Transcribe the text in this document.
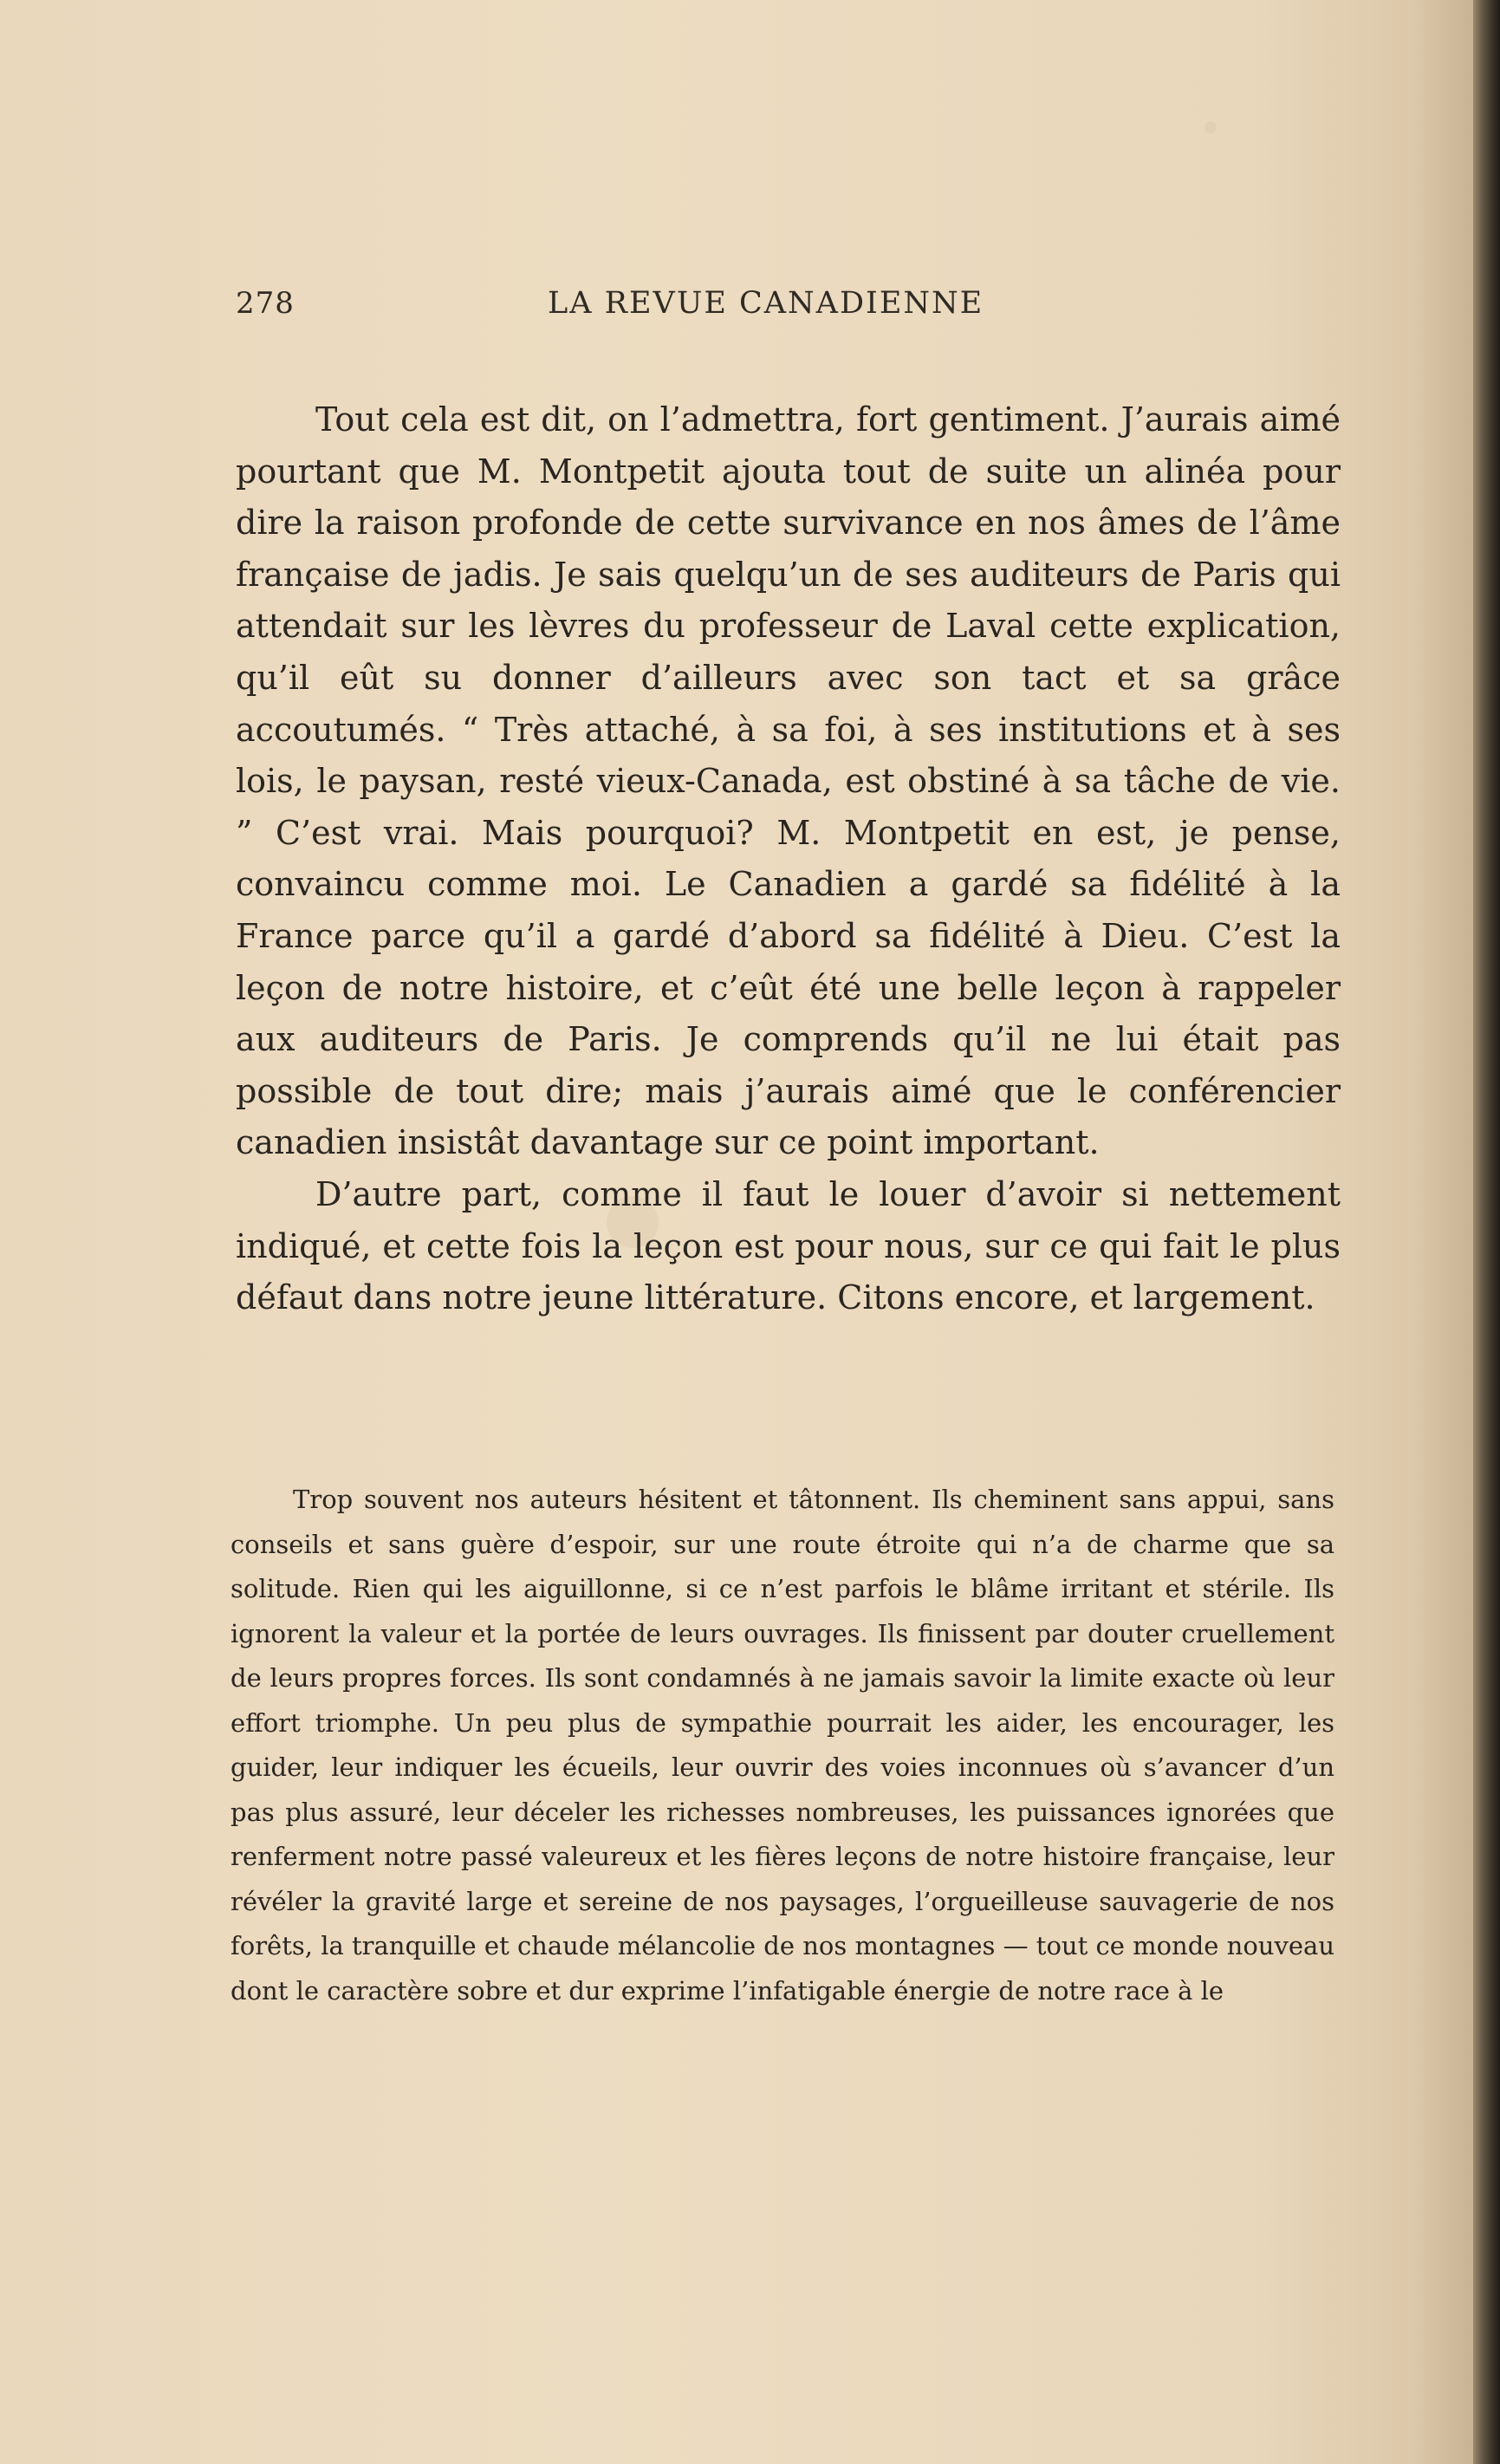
278	LA REVUE CANADIENNE

Tout cela est dit, on l’admettra, fort gentiment. J’aurais aimé pourtant que M. Montpetit ajouta tout de suite un alinéa pour dire la raison profonde de cette survivance en nos âmes de l’âme française de jadis. Je sais quelqu’un de ses auditeurs de Paris qui attendait sur les lèvres du professeur de Laval cette explication, qu’il eût su donner d’ailleurs avec son tact et sa grâce accoutumés. “ Très attaché, à sa foi, à ses institutions et à ses lois, le paysan, resté vieux-Canada, est obstiné à sa tâche de vie. ” C’est vrai. Mais pourquoi? M. Montpetit en est, je pense, convaincu comme moi. Le Canadien a gardé sa fidélité à la France parce qu’il a gardé d’abord sa fidélité à Dieu. C’est la leçon de notre histoire, et c’eût été une belle leçon à rappeler aux auditeurs de Paris. Je comprends qu’il ne lui était pas possible de tout dire; mais j’aurais aimé que le conférencier canadien insistât davantage sur ce point important.

D’autre part, comme il faut le louer d’avoir si nettement indiqué, et cette fois la leçon est pour nous, sur ce qui fait le plus défaut dans notre jeune littérature. Citons encore, et largement.

Trop souvent nos auteurs hésitent et tâtonnent. Ils cheminent sans appui, sans conseils et sans guère d’espoir, sur une route étroite qui n’a de charme que sa solitude. Rien qui les aiguillonne, si ce n’est parfois le blâme irritant et stérile. Ils ignorent la valeur et la portée de leurs ouvrages. Ils finissent par douter cruellement de leurs propres forces. Ils sont condamnés à ne jamais savoir la limite exacte où leur effort triomphe. Un peu plus de sympathie pourrait les aider, les encourager, les guider, leur indiquer les écueils, leur ouvrir des voies inconnues où s’avancer d’un pas plus assuré, leur déceler les richesses nombreuses, les puissances ignorées que renferment notre passé valeureux et les fières leçons de notre histoire française, leur révéler la gravité large et sereine de nos paysages, l’orgueilleuse sauvagerie de nos forêts, la tranquille et chaude mélancolie de nos montagnes — tout ce monde nouveau dont le caractère sobre et dur exprime l’infatigable énergie de notre race à le
